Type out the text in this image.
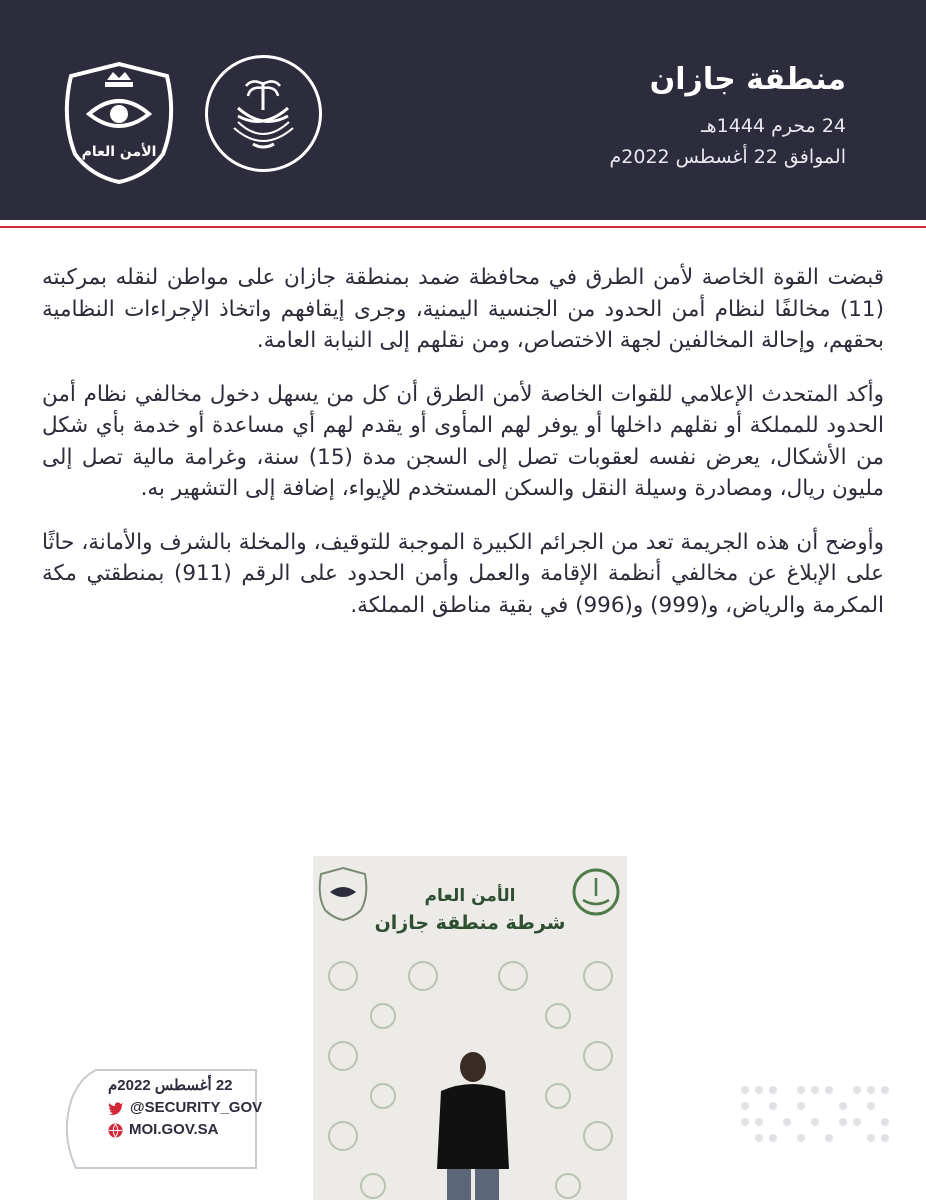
الأمن العام
منطقة جازان
24 محرم 1444هـ
الموافق 22 أغسطس 2022م

قبضت القوة الخاصة لأمن الطرق في محافظة ضمد بمنطقة جازان على مواطن لنقله بمركبته (11) مخالفًا لنظام أمن الحدود من الجنسية اليمنية، وجرى إيقافهم واتخاذ الإجراءات النظامية بحقهم، وإحالة المخالفين لجهة الاختصاص، ومن نقلهم إلى النيابة العامة.

وأكد المتحدث الإعلامي للقوات الخاصة لأمن الطرق أن كل من يسهل دخول مخالفي نظام أمن الحدود للمملكة أو نقلهم داخلها أو يوفر لهم المأوى أو يقدم لهم أي مساعدة أو خدمة بأي شكل من الأشكال، يعرض نفسه لعقوبات تصل إلى السجن مدة (15) سنة، وغرامة مالية تصل إلى مليون ريال، ومصادرة وسيلة النقل والسكن المستخدم للإيواء، إضافة إلى التشهير به.

وأوضح أن هذه الجريمة تعد من الجرائم الكبيرة الموجبة للتوقيف، والمخلة بالشرف والأمانة، حاثًا على الإبلاغ عن مخالفي أنظمة الإقامة والعمل وأمن الحدود على الرقم (911) بمنطقتي مكة المكرمة والرياض، و(999) و(996) في بقية مناطق المملكة.

الأمن العام
شرطة منطقة جازان
22 أغسطس 2022م
@SECURITY_GOV
MOI.GOV.SA
